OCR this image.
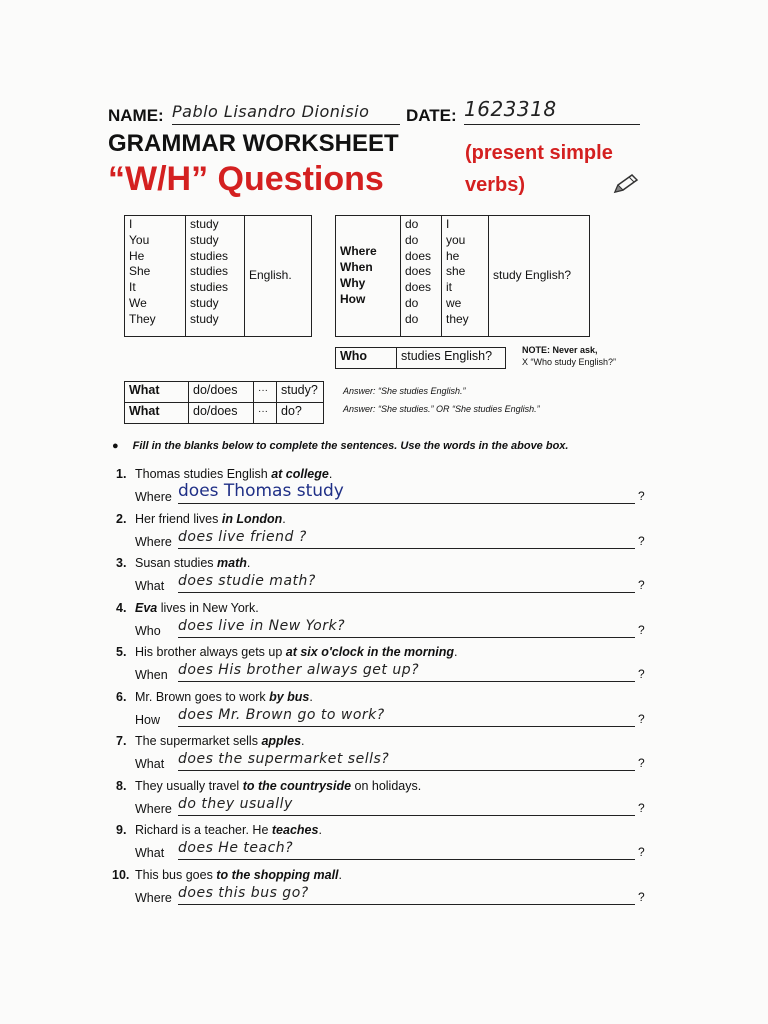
NAME: Pablo Lisandro Dionisio	DATE: 1623318
GRAMMAR WORKSHEET
“W/H” Questions
(present simple
verbs)
I
You
He
She
It
We
They

study
study
studies
studies
studies
study
study
	English.
Where
When
Why
How

do
do
does
does
does
do
do

I
you
he
she
it
we
they
	study English?
Who	studies English?	NOTE: Never ask,
X “Who study English?”
What	do/does	···	study?
What	do/does	···	do?
Answer: “She studies English.”
Answer: “She studies.” OR “She studies English.”
● Fill in the blanks below to complete the sentences. Use the words in the above box.
1. Thomas studies English at college.
Where does Thomas study	?
2. Her friend lives in London.
Where does live friend ?	?
3. Susan studies math.
What does studie math?	?
4. Eva lives in New York.
Who does live in New York?	?
5. His brother always gets up at six o'clock in the morning.
When does His brother always get up?	?
6. Mr. Brown goes to work by bus.
How does Mr. Brown go to work?	?
7. The supermarket sells apples.
What does the supermarket sells?	?
8. They usually travel to the countryside on holidays.
Where do they usually	?
9. Richard is a teacher. He teaches.
What does He teach?	?
10. This bus goes to the shopping mall.
Where does this bus go?	?
